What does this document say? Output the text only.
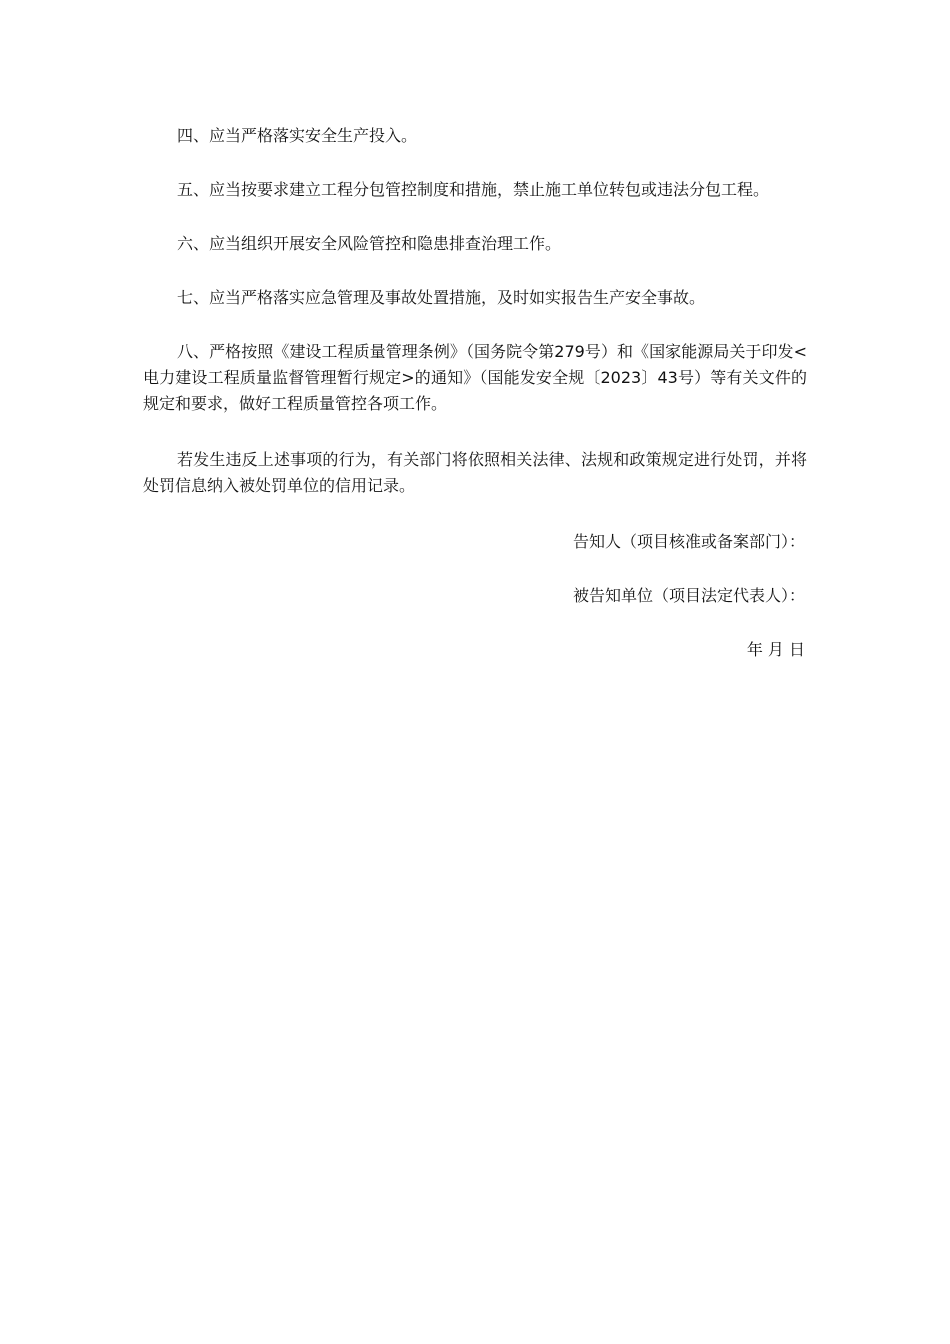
四、应当严格落实安全生产投入。

五、应当按要求建立工程分包管控制度和措施，禁止施工单位转包或违法分包工程。

六、应当组织开展安全风险管控和隐患排查治理工作。

七、应当严格落实应急管理及事故处置措施，及时如实报告生产安全事故。

八、严格按照《建设工程质量管理条例》（国务院令第279号）和《国家能源局关于印发<电力建设工程质量监督管理暂行规定>的通知》（国能发安全规〔2023〕43号）等有关文件的规定和要求，做好工程质量管控各项工作。

若发生违反上述事项的行为，有关部门将依照相关法律、法规和政策规定进行处罚，并将处罚信息纳入被处罚单位的信用记录。

告知人（项目核准或备案部门）：

被告知单位（项目法定代表人）：

年 月 日
